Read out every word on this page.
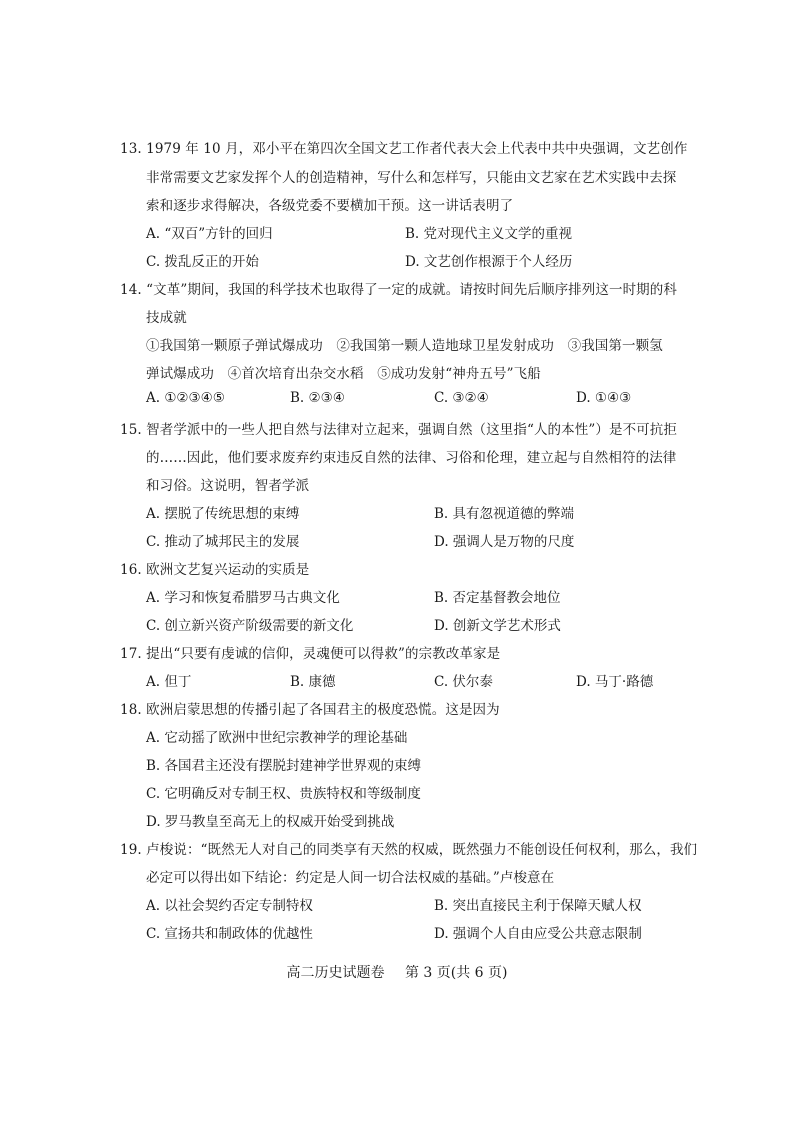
13. 1979 年 10 月，邓小平在第四次全国文艺工作者代表大会上代表中共中央强调，文艺创作
非常需要文艺家发挥个人的创造精神，写什么和怎样写，只能由文艺家在艺术实践中去探
索和逐步求得解决，各级党委不要横加干预。这一讲话表明了
A. “双百”方针的回归	B. 党对现代主义文学的重视
C. 拨乱反正的开始	D. 文艺创作根源于个人经历
14. “文革”期间，我国的科学技术也取得了一定的成就。请按时间先后顺序排列这一时期的科
技成就
①我国第一颗原子弹试爆成功　②我国第一颗人造地球卫星发射成功　③我国第一颗氢
弹试爆成功　④首次培育出杂交水稻　⑤成功发射“神舟五号”飞船
A. ①②③④⑤	B. ②③④	C. ③②④	D. ①④③
15. 智者学派中的一些人把自然与法律对立起来，强调自然（这里指“人的本性”）是不可抗拒
的……因此，他们要求废弃约束违反自然的法律、习俗和伦理，建立起与自然相符的法律
和习俗。这说明，智者学派
A. 摆脱了传统思想的束缚	B. 具有忽视道德的弊端
C. 推动了城邦民主的发展	D. 强调人是万物的尺度
16. 欧洲文艺复兴运动的实质是
A. 学习和恢复希腊罗马古典文化	B. 否定基督教会地位
C. 创立新兴资产阶级需要的新文化	D. 创新文学艺术形式
17. 提出“只要有虔诚的信仰，灵魂便可以得救”的宗教改革家是
A. 但丁	B. 康德	C. 伏尔泰	D. 马丁·路德
18. 欧洲启蒙思想的传播引起了各国君主的极度恐慌。这是因为
A. 它动摇了欧洲中世纪宗教神学的理论基础
B. 各国君主还没有摆脱封建神学世界观的束缚
C. 它明确反对专制王权、贵族特权和等级制度
D. 罗马教皇至高无上的权威开始受到挑战
19. 卢梭说：“既然无人对自己的同类享有天然的权威，既然强力不能创设任何权利，那么，我们
必定可以得出如下结论：约定是人间一切合法权威的基础。”卢梭意在
A. 以社会契约否定专制特权	B. 突出直接民主利于保障天赋人权
C. 宣扬共和制政体的优越性	D. 强调个人自由应受公共意志限制
高二历史试题卷 第 3 页(共 6 页)
